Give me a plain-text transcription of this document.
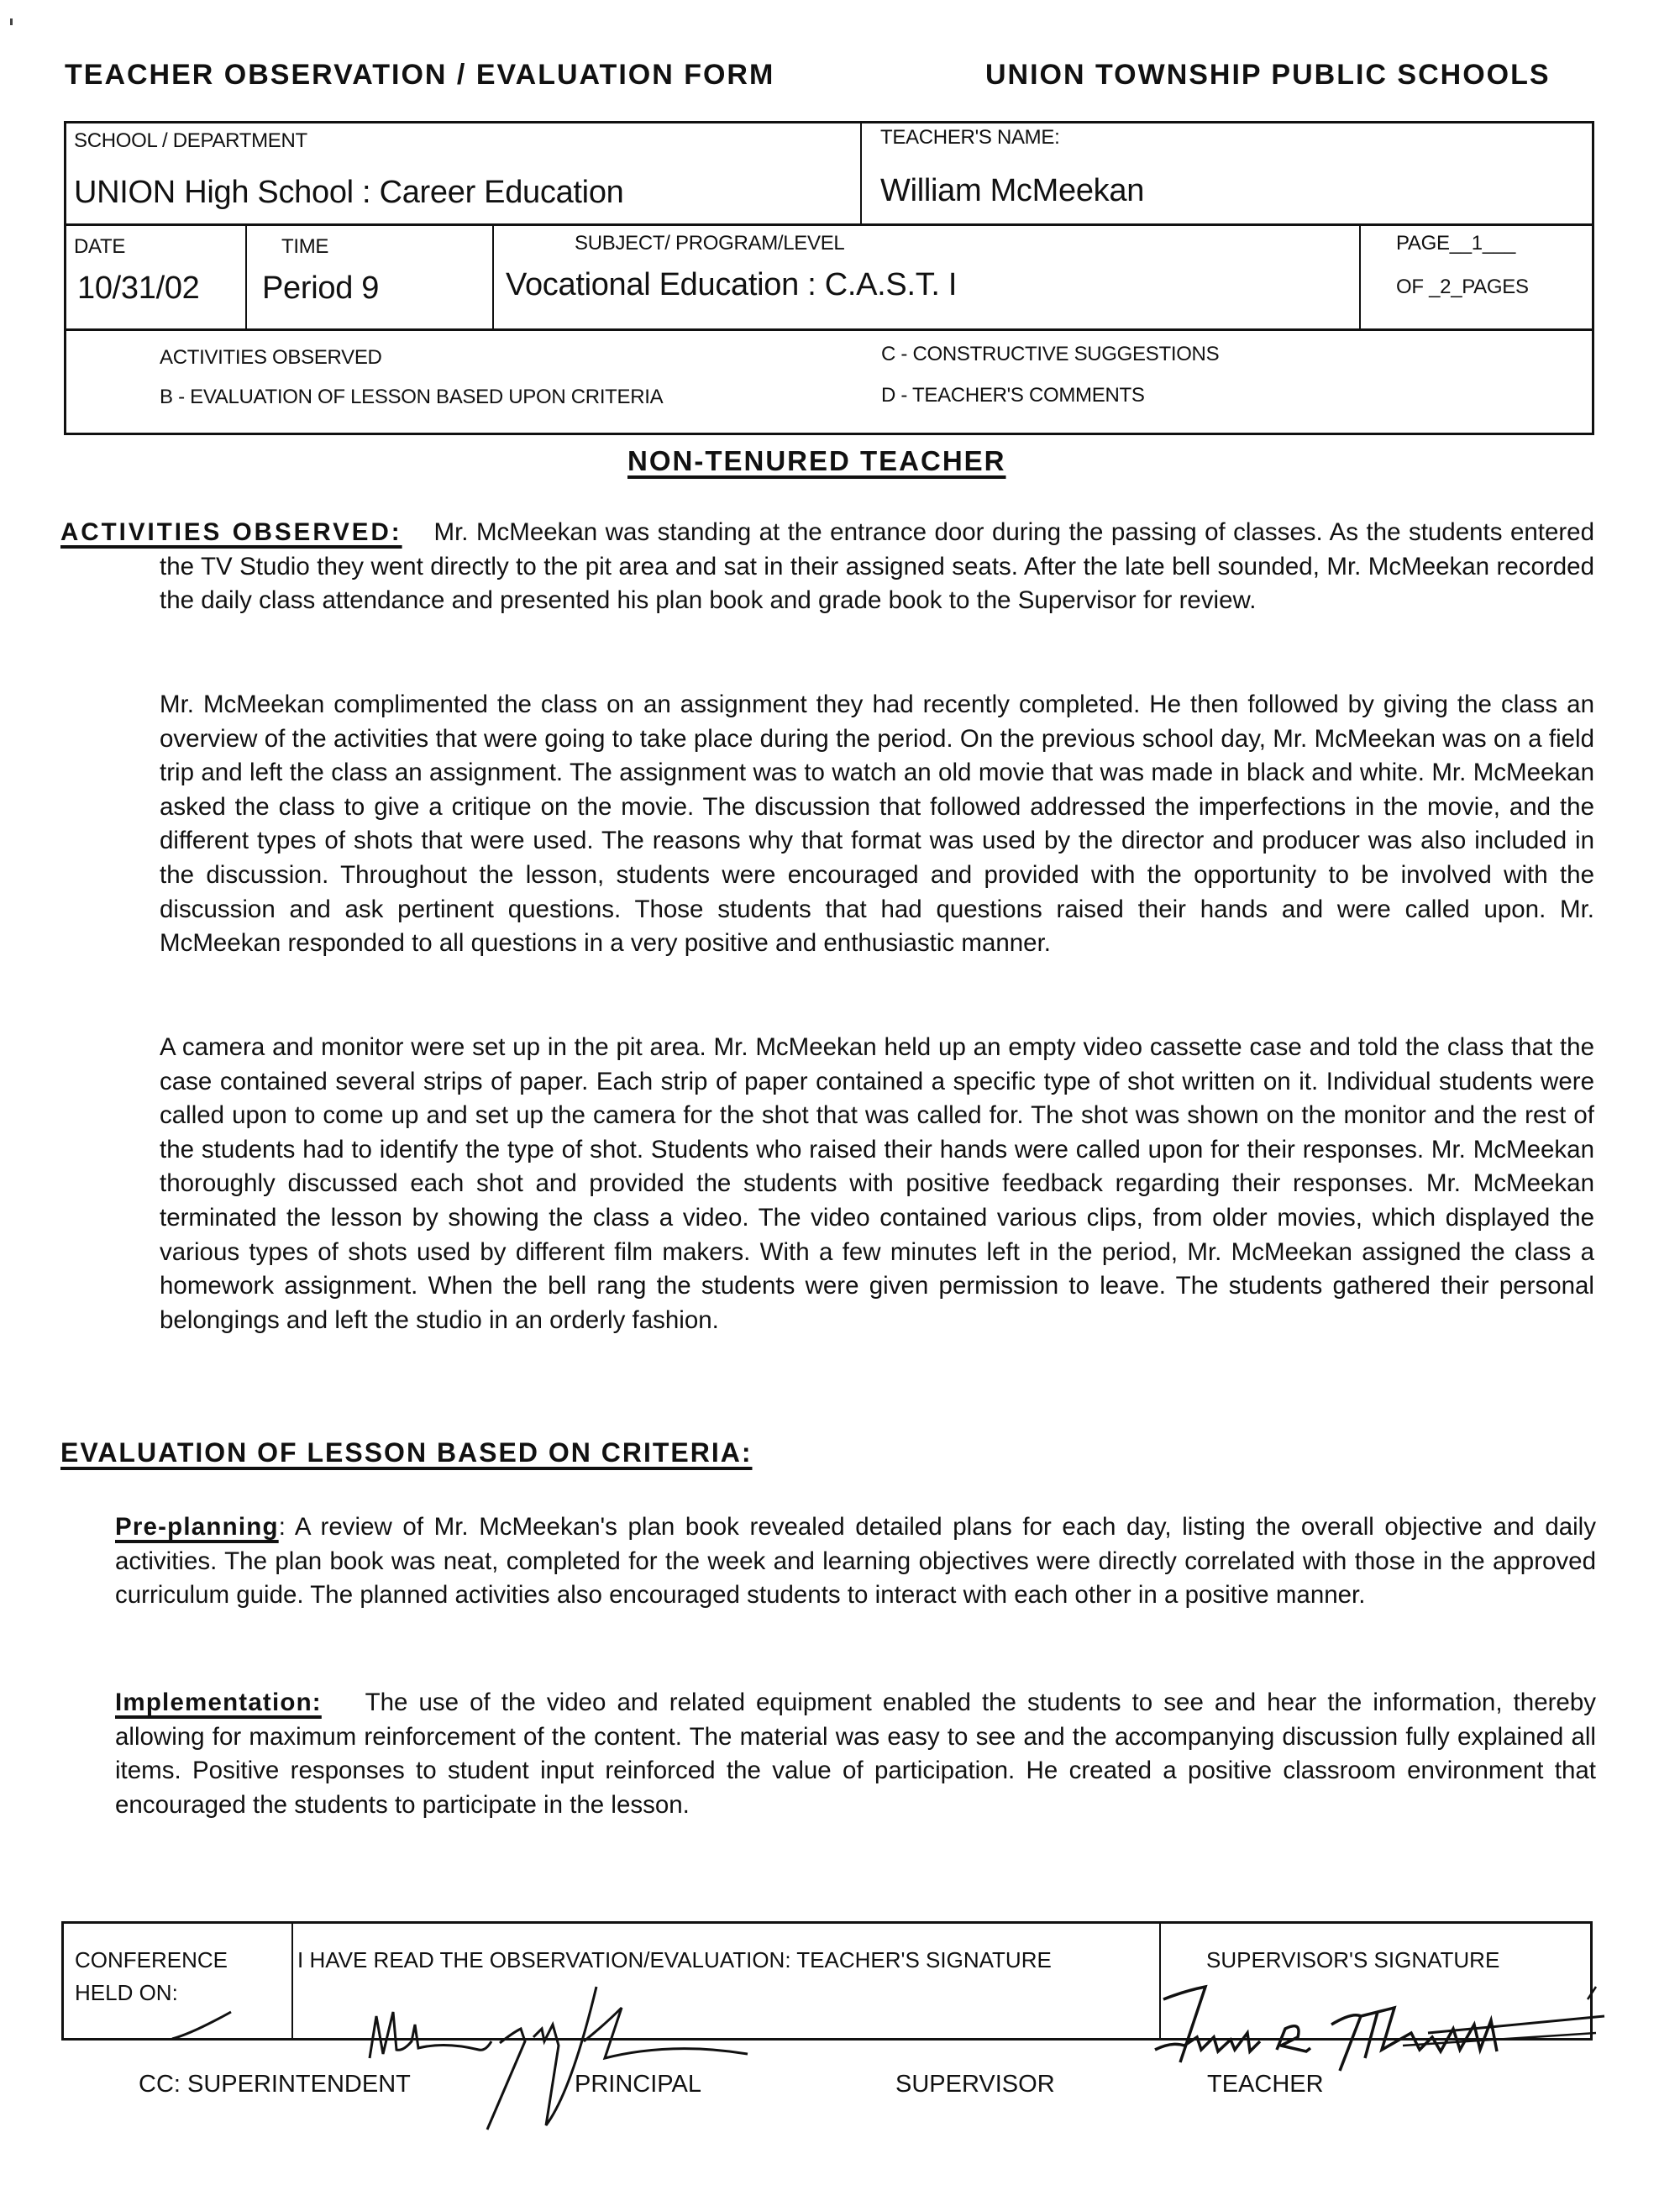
TEACHER OBSERVATION / EVALUATION FORM	UNION TOWNSHIP PUBLIC SCHOOLS
SCHOOL / DEPARTMENT
UNION High School : Career Education
TEACHER'S NAME:
William McMeekan
DATE
10/31/02
TIME
Period 9
SUBJECT/ PROGRAM/LEVEL
Vocational Education : C.A.S.T. I
PAGE__1___
OF _2_PAGES
ACTIVITIES OBSERVED
B - EVALUATION OF LESSON BASED UPON CRITERIA
C - CONSTRUCTIVE SUGGESTIONS
D - TEACHER'S COMMENTS
NON-TENURED TEACHER
ACTIVITIES OBSERVED: Mr. McMeekan was standing at the entrance door during the passing of classes. As the students entered the TV Studio they went directly to the pit area and sat in their assigned seats. After the late bell sounded, Mr. McMeekan recorded the daily class attendance and presented his plan book and grade book to the Supervisor for review.
Mr. McMeekan complimented the class on an assignment they had recently completed. He then followed by giving the class an overview of the activities that were going to take place during the period. On the previous school day, Mr. McMeekan was on a field trip and left the class an assignment. The assignment was to watch an old movie that was made in black and white. Mr. McMeekan asked the class to give a critique on the movie. The discussion that followed addressed the imperfections in the movie, and the different types of shots that were used. The reasons why that format was used by the director and producer was also included in the discussion. Throughout the lesson, students were encouraged and provided with the opportunity to be involved with the discussion and ask pertinent questions. Those students that had questions raised their hands and were called upon. Mr. McMeekan responded to all questions in a very positive and enthusiastic manner.
A camera and monitor were set up in the pit area. Mr. McMeekan held up an empty video cassette case and told the class that the case contained several strips of paper. Each strip of paper contained a specific type of shot written on it. Individual students were called upon to come up and set up the camera for the shot that was called for. The shot was shown on the monitor and the rest of the students had to identify the type of shot. Students who raised their hands were called upon for their responses. Mr. McMeekan thoroughly discussed each shot and provided the students with positive feedback regarding their responses. Mr. McMeekan terminated the lesson by showing the class a video. The video contained various clips, from older movies, which displayed the various types of shots used by different film makers. With a few minutes left in the period, Mr. McMeekan assigned the class a homework assignment. When the bell rang the students were given permission to leave. The students gathered their personal belongings and left the studio in an orderly fashion.
EVALUATION OF LESSON BASED ON CRITERIA:
Pre-planning: A review of Mr. McMeekan's plan book revealed detailed plans for each day, listing the overall objective and daily activities. The plan book was neat, completed for the week and learning objectives were directly correlated with those in the approved curriculum guide. The planned activities also encouraged students to interact with each other in a positive manner.
Implementation: The use of the video and related equipment enabled the students to see and hear the information, thereby allowing for maximum reinforcement of the content. The material was easy to see and the accompanying discussion fully explained all items. Positive responses to student input reinforced the value of participation. He created a positive classroom environment that encouraged the students to participate in the lesson.
CONFERENCE
HELD ON:
I HAVE READ THE OBSERVATION/EVALUATION: TEACHER'S SIGNATURE	SUPERVISOR'S SIGNATURE
CC: SUPERINTENDENT	PRINCIPAL	SUPERVISOR	TEACHER
